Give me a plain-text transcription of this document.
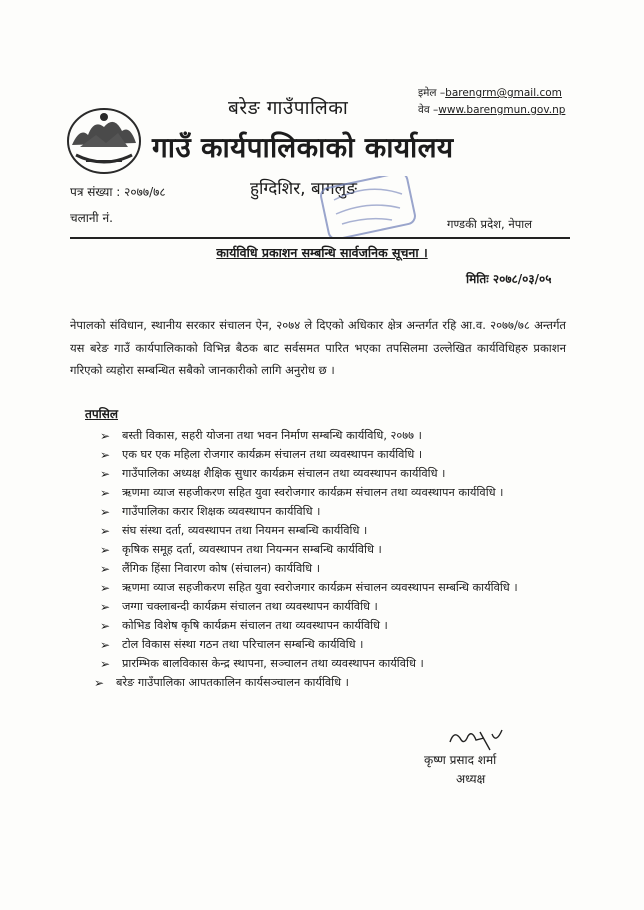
बरेङ गाउँपालिका
गाउँ कार्यपालिकाको कार्यालय
इमेल –barengrm@gmail.com
वेव –www.barengmun.gov.np
पत्र संख्या : २०७७/७८
चलानी नं.
हुग्दिशिर, बागलुङ
गण्डकी प्रदेश, नेपाल
कार्यविधि प्रकाशन सम्बन्धि सार्वजनिक सूचना ।
मितिः २०७८/०३/०५
नेपालको संविधान, स्थानीय सरकार संचालन ऐन, २०७४ ले दिएको अधिकार क्षेत्र अन्तर्गत रहि आ.व. २०७७/७८ अन्तर्गत यस बरेङ गाउँ कार्यपालिकाको विभिन्न बैठक बाट सर्वसमत पारित भएका तपसिलमा उल्लेखित कार्यविधिहरु प्रकाशन गरिएको व्यहोरा सम्बन्धित सबैको जानकारीको लागि अनुरोध छ ।
तपसिल
➢	बस्ती विकास, सहरी योजना तथा भवन निर्माण सम्बन्धि कार्यविधि, २०७७ ।
➢	एक घर एक महिला रोजगार कार्यक्रम संचालन तथा व्यवस्थापन कार्यविधि ।
➢	गाउँपालिका अध्यक्ष शैक्षिक सुधार कार्यक्रम संचालन तथा व्यवस्थापन कार्यविधि ।
➢	ऋणमा व्याज सहजीकरण सहित युवा स्वरोजगार कार्यक्रम संचालन तथा व्यवस्थापन कार्यविधि ।
➢	गाउँपालिका करार शिक्षक व्यवस्थापन कार्यविधि ।
➢	संघ संस्था दर्ता, व्यवस्थापन तथा नियमन सम्बन्धि कार्यविधि ।
➢	कृषिक समूह दर्ता, व्यवस्थापन तथा नियन्मन सम्बन्धि कार्यविधि ।
➢	लैंगिक हिंसा निवारण कोष (संचालन) कार्यविधि ।
➢	ऋणमा व्याज सहजीकरण सहित युवा स्वरोजगार कार्यक्रम संचालन व्यवस्थापन सम्बन्धि कार्यविधि ।
➢	जग्गा चक्लाबन्दी कार्यक्रम संचालन तथा व्यवस्थापन कार्यविधि ।
➢	कोभिड विशेष कृषि कार्यक्रम संचालन तथा व्यवस्थापन कार्यविधि ।
➢	टोल विकास संस्था गठन तथा परिचालन सम्बन्धि कार्यविधि ।
➢	प्रारम्भिक बालविकास केन्द्र स्थापना, सञ्चालन तथा व्यवस्थापन कार्यविधि ।
➢	बरेङ गाउँपालिका आपतकालिन कार्यसञ्चालन कार्यविधि ।
कृष्ण प्रसाद शर्मा
अध्यक्ष
